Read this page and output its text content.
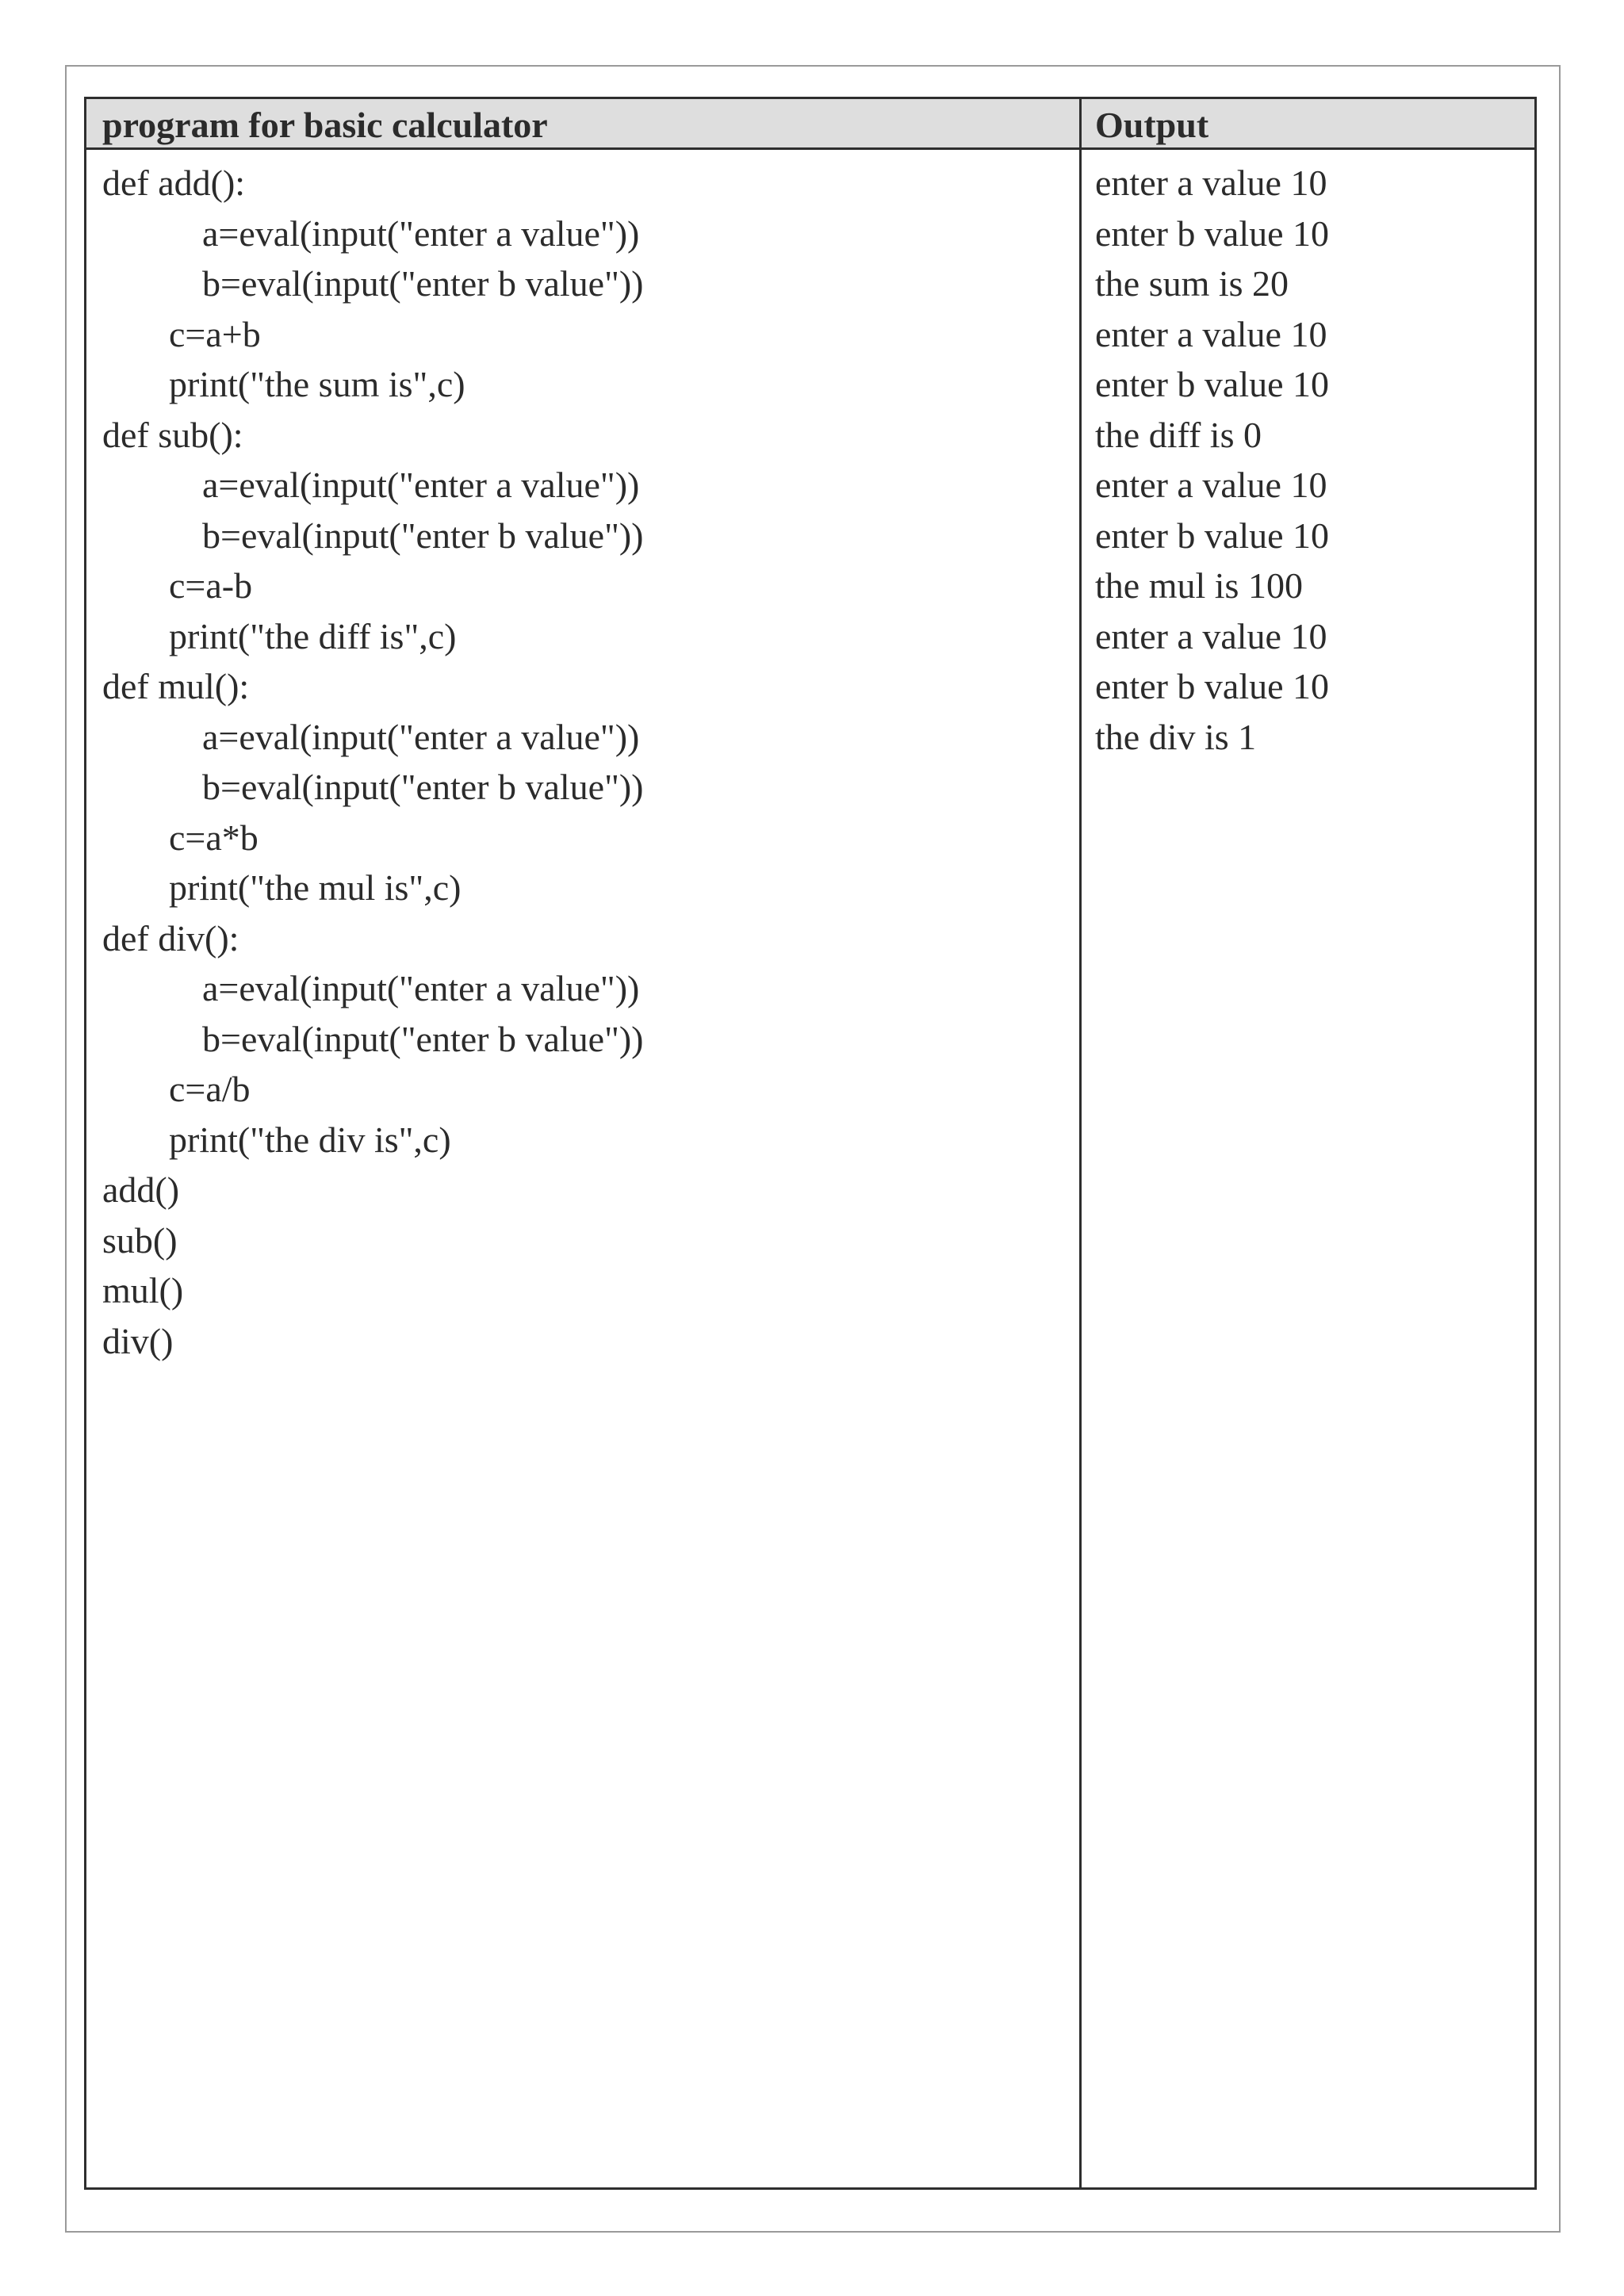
program for basic calculator	Output
def add():
a=eval(input("enter a value"))
b=eval(input("enter b value"))
c=a+b
print("the sum is",c)
def sub():
a=eval(input("enter a value"))
b=eval(input("enter b value"))
c=a-b
print("the diff is",c)
def mul():
a=eval(input("enter a value"))
b=eval(input("enter b value"))
c=a*b
print("the mul is",c)
def div():
a=eval(input("enter a value"))
b=eval(input("enter b value"))
c=a/b
print("the div is",c)
add()
sub()
mul()
div()
enter a value 10
enter b value 10
the sum is 20
enter a value 10
enter b value 10
the diff is 0
enter a value 10
enter b value 10
the mul is 100
enter a value 10
enter b value 10
the div is 1
